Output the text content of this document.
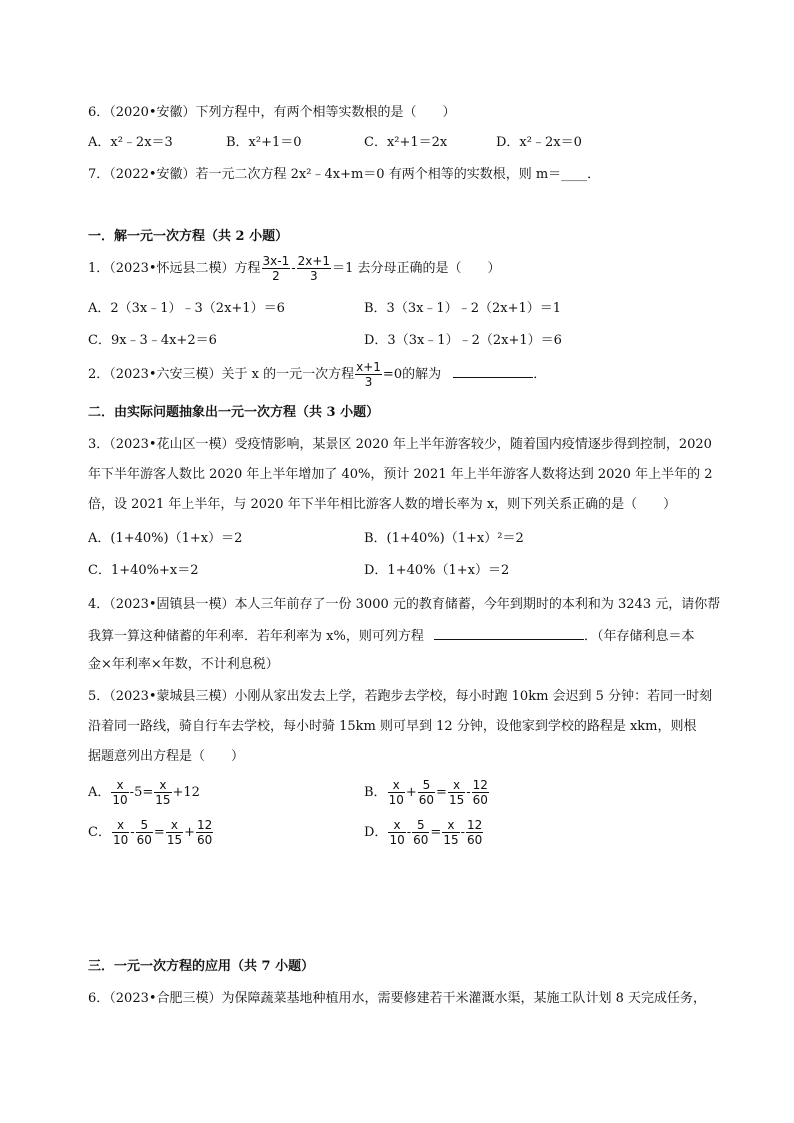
6．（2020•安徽）下列方程中，有两个相等实数根的是（　　）
A．x²﹣2x＝3	B．x²+1＝0	C．x²+1＝2x	D．x²﹣2x＝0
7．（2022•安徽）若一元二次方程 2x²﹣4x+m＝0 有两个相等的实数根，则 m＝____．
一．解一元一次方程（共 2 小题）
1．（2023•怀远县二模）方程 $\frac{3x-1}{2} - \frac{2x+1}{3} =1$ 去分母正确的是（　　）
A．2（3x﹣1）﹣3（2x+1）＝6	B．3（3x﹣1）﹣2（2x+1）＝1
C．9x﹣3﹣4x+2＝6	D．3（3x﹣1）﹣2（2x+1）＝6
2．（2023•六安三模）关于 x 的一元一次方程 $\frac{x+1}{3} =0$的解为	．
二．由实际问题抽象出一元一次方程（共 3 小题）
3．（2023•花山区一模）受疫情影响，某景区 2020 年上半年游客较少，随着国内疫情逐步得到控制，2020
年下半年游客人数比 2020 年上半年增加了 40%，预计 2021 年上半年游客人数将达到 2020 年上半年的 2
倍，设 2021 年上半年，与 2020 年下半年相比游客人数的增长率为 x，则下列关系正确的是（　　）
A．(1+40%)（1+x）＝2	B．(1+40%)（1+x）²＝2
C．1+40%+x＝2	D．1+40%（1+x）＝2
4．（2023•固镇县一模）本人三年前存了一份 3000 元的教育储蓄，今年到期时的本利和为 3243 元，请你帮
我算一算这种储蓄的年利率．若年利率为 x%，则可列方程	．（年存储利息＝本
金×年利率×年数，不计利息税）
5．（2023•蒙城县三模）小刚从家出发去上学，若跑步去学校，每小时跑 10km 会迟到 5 分钟：若同一时刻
沿着同一路线，骑自行车去学校，每小时骑 15km 则可早到 12 分钟，设他家到学校的路程是 xkm，则根
据题意列出方程是（　　）
A． $\frac{x}{10} -5= \frac{x}{15} +12$	B． $\frac{x}{10} + \frac{5}{60} = \frac{x}{15} - \frac{12}{60}$
C． $\frac{x}{10} - \frac{5}{60} = \frac{x}{15} + \frac{12}{60}$	D． $\frac{x}{10} - \frac{5}{60} = \frac{x}{15} - \frac{12}{60}$
三．一元一次方程的应用（共 7 小题）
6．（2023•合肥三模）为保障蔬菜基地种植用水，需要修建若干米灌溉水渠，某施工队计划 8 天完成任务，
